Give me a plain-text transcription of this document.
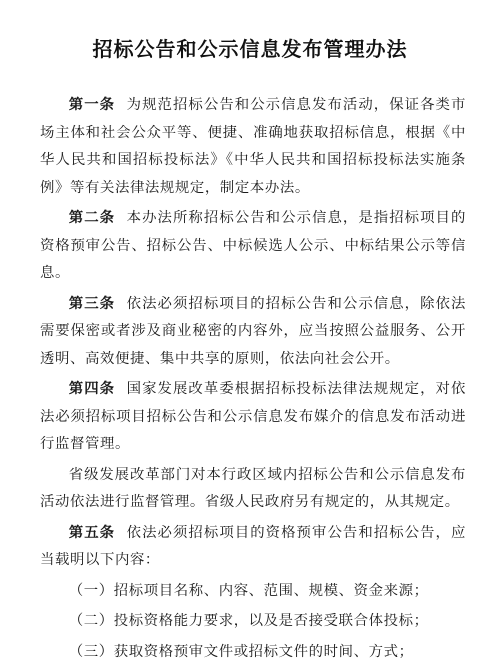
招标公告和公示信息发布管理办法

第一条 为规范招标公告和公示信息发布活动，保证各类市场主体和社会公众平等、便捷、准确地获取招标信息，根据《中华人民共和国招标投标法》《中华人民共和国招标投标法实施条例》等有关法律法规规定，制定本办法。

第二条 本办法所称招标公告和公示信息，是指招标项目的资格预审公告、招标公告、中标候选人公示、中标结果公示等信息。

第三条 依法必须招标项目的招标公告和公示信息，除依法需要保密或者涉及商业秘密的内容外，应当按照公益服务、公开透明、高效便捷、集中共享的原则，依法向社会公开。

第四条 国家发展改革委根据招标投标法律法规规定，对依法必须招标项目招标公告和公示信息发布媒介的信息发布活动进行监督管理。

省级发展改革部门对本行政区域内招标公告和公示信息发布活动依法进行监督管理。省级人民政府另有规定的，从其规定。

第五条 依法必须招标项目的资格预审公告和招标公告，应当载明以下内容：

（一）招标项目名称、内容、范围、规模、资金来源；

（二）投标资格能力要求，以及是否接受联合体投标；

（三）获取资格预审文件或招标文件的时间、方式；
